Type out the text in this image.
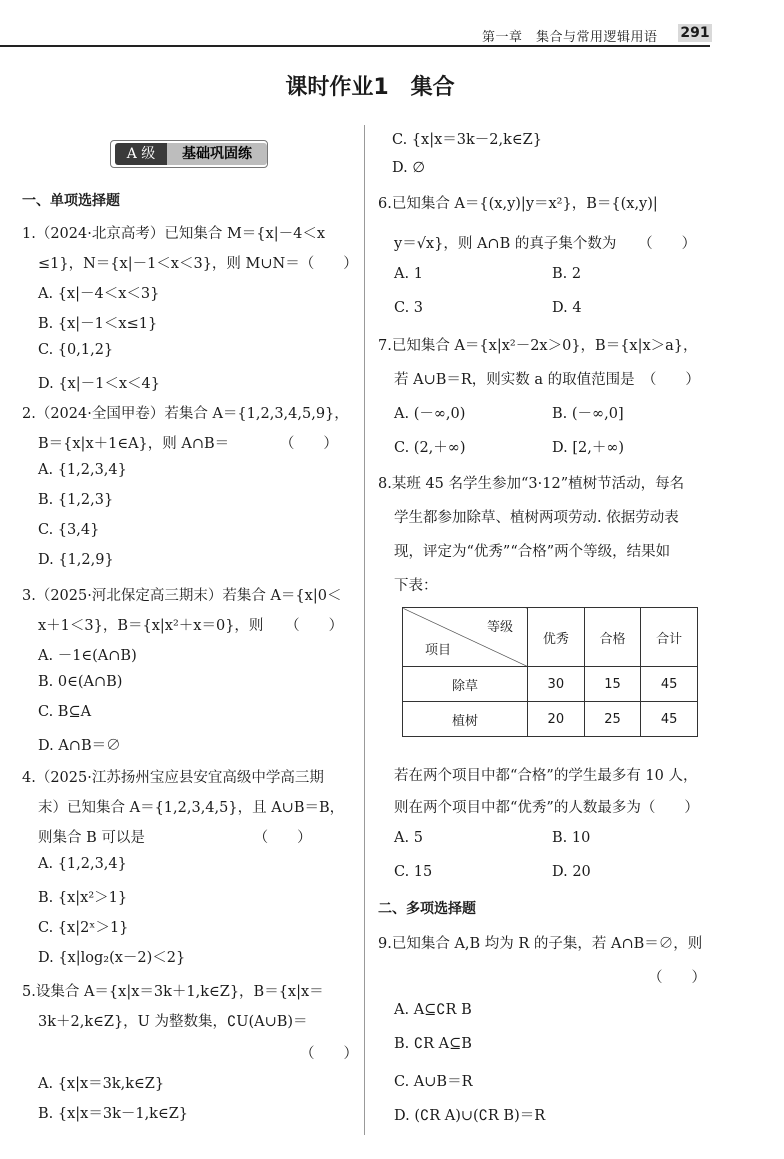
第一章　集合与常用逻辑用语 291
课时作业1　集合
A 级	基础巩固练
一、单项选择题
1.（2024·北京高考）已知集合 M＝{x|－4＜x
≤1}，N＝{x|－1＜x＜3}，则 M∪N＝（　　）
A. {x|－4＜x＜3}
B. {x|－1＜x≤1}
C. {0,1,2}
D. {x|－1＜x＜4}
2.（2024·全国甲卷）若集合 A＝{1,2,3,4,5,9}，
B＝{x|x＋1∈A}，则 A∩B＝　　　　（　　）
A. {1,2,3,4}
B. {1,2,3}
C. {3,4}
D. {1,2,9}
3.（2025·河北保定高三期末）若集合 A＝{x|0＜
x＋1＜3}，B＝{x|x²＋x＝0}，则　　（　　）
A. －1∈(A∩B)
B. 0∈(A∩B)
C. B⊆A
D. A∩B＝∅
4.（2025·江苏扬州宝应县安宜高级中学高三期
末）已知集合 A＝{1,2,3,4,5}，且 A∪B＝B，
则集合 B 可以是　　　　　　　　（　　）
A. {1,2,3,4}
B. {x|x²＞1}
C. {x|2ˣ＞1}
D. {x|log₂(x－2)＜2}
5.设集合 A＝{x|x＝3k＋1,k∈Z}，B＝{x|x＝
3k＋2,k∈Z}，U 为整数集，∁U(A∪B)＝
（　　）
A. {x|x＝3k,k∈Z}
B. {x|x＝3k－1,k∈Z}
C. {x|x＝3k－2,k∈Z}
D. ∅
6.已知集合 A＝{(x,y)|y＝x²}，B＝{(x,y)|
y＝√x}，则 A∩B 的真子集个数为　　（　　）
A. 1	B. 2
C. 3	D. 4
7.已知集合 A＝{x|x²－2x＞0}，B＝{x|x＞a}，
若 A∪B＝R，则实数 a 的取值范围是　（　　）
A. (－∞,0)	B. (－∞,0]
C. (2,＋∞)	D. [2,＋∞)
8.某班 45 名学生参加“3·12”植树节活动，每名
学生都参加除草、植树两项劳动. 依据劳动表
现，评定为“优秀”“合格”两个等级，结果如
下表：
等级
项目	优秀	合格	合计
除草	30	15	45
植树	20	25	45
若在两个项目中都“合格”的学生最多有 10 人，
则在两个项目中都“优秀”的人数最多为（　　）
A. 5	B. 10
C. 15	D. 20
二、多项选择题
9.已知集合 A,B 均为 R 的子集，若 A∩B＝∅，则
（　　）
A. A⊆∁R B
B. ∁R A⊆B
C. A∪B＝R
D. (∁R A)∪(∁R B)＝R
